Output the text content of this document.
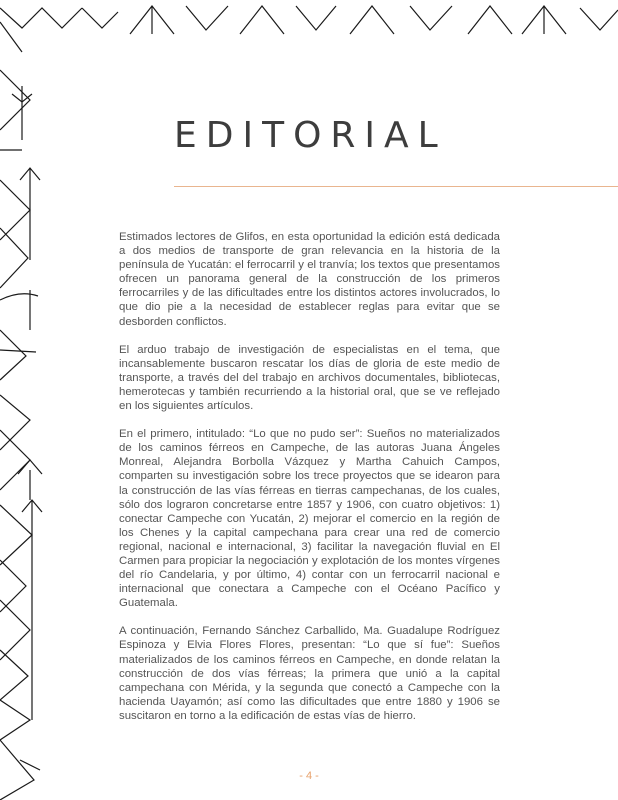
EDITORIAL

Estimados lectores de Glifos, en esta oportunidad la edición está dedicada a dos medios de transporte de gran relevancia en la historia de la península de Yucatán: el ferrocarril y el tranvía; los textos que presentamos ofrecen un panorama general de la construcción de los primeros ferrocarriles y de las dificultades entre los distintos actores involucrados, lo que dio pie a la necesidad de establecer reglas para evitar que se desborden conflictos.

El arduo trabajo de investigación de especialistas en el tema, que incansablemente buscaron rescatar los días de gloria de este medio de transporte, a través del del trabajo en archivos documentales, bibliotecas, hemerotecas y también recurriendo a la historial oral, que se ve reflejado en los siguientes artículos.

En el primero, intitulado: “Lo que no pudo ser”: Sueños no materializados de los caminos férreos en Campeche, de las autoras Juana Ángeles Monreal, Alejandra Borbolla Vázquez y Martha Cahuich Campos, comparten su investigación sobre los trece proyectos que se idearon para la construcción de las vías férreas en tierras campechanas, de los cuales, sólo dos lograron concretarse entre 1857 y 1906, con cuatro objetivos: 1) conectar Campeche con Yucatán, 2) mejorar el comercio en la región de los Chenes y la capital campechana para crear una red de comercio regional, nacional e internacional, 3) facilitar la navegación fluvial en El Carmen para propiciar la negociación y explotación de los montes vírgenes del río Candelaria, y por último, 4) contar con un ferrocarril nacional e internacional que conectara a Campeche con el Océano Pacífico y Guatemala.

A continuación, Fernando Sánchez Carballido, Ma. Guadalupe Rodríguez Espinoza y Elvia Flores Flores, presentan: “Lo que sí fue”: Sueños materializados de los caminos férreos en Campeche, en donde relatan la construcción de dos vías férreas; la primera que unió a la capital campechana con Mérida, y la segunda que conectó a Campeche con la hacienda Uayamón; así como las dificultades que entre 1880 y 1906 se suscitaron en torno a la edificación de estas vías de hierro.

- 4 -
